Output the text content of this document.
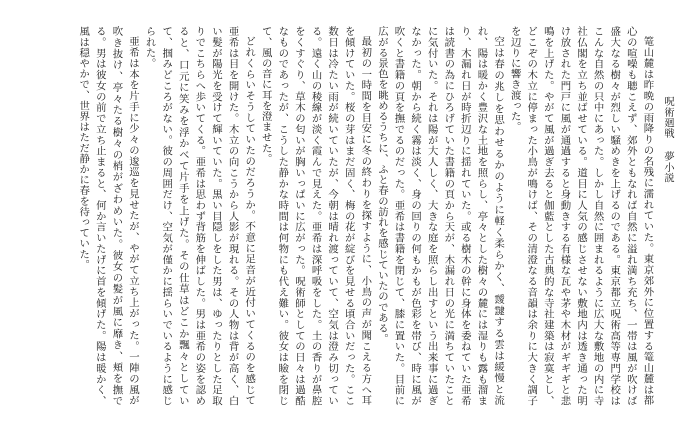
呪術廻戦夢小説

篭山麓は昨晩の雨降りの名残に濡れていた。東京郊外に位置する篭山麓は都心の喧噪も聴こえず、郊外ともなれば自然に溢れ満ち充ち、一帯は風が吹けば盛大なる樹々が烈しい騒めきを上げるのである。東京都立呪術高等専門学校はこんな自然の只中にあった。しかし自然に囲まれるように広大な敷地の内に寺社仏閣を立ち並ばせている。道目に人気の感じさせない敷地内は透き通った明け放された門戸に風が通過すると身動きする有様な瓦や茅や木材がギギギと悲鳴を上げた。やがて風が過ぎ去ると伽藍とした古典的な寺社建築は寂寞とし、どこぞの木立に停まった小鳥が鳴けば、その清澄なる音韻は余りに大きく調子を辺りに響き渡った。

空は春の兆しを思わせるかのように軽く柔らかく、靉靆する雲は緩慢と流れ、陽は暖かく豊沢な土地を照らし、亭々とした樹々の麓には湿りも露も溜まり、木漏れ日が時折辺りに揺れていた。或る樹木の幹に身体を委ねていた亜希は読書の為にひろげていた書籍の頁から天が、木漏れ日の光に満ちていたことに気付いた。それは陽が大人しく、大きな庭を照らし出すという出来事に過ぎなかった。朝から続く霧は淡く、身の回りの何もかもが色彩を帯び、時に風が吹くと書籍の頁を撫でるのだった。亜希は書籍を閉じて、膝に置いた。目前に広がる景色を眺めるうちに、ふと春の訪れを感じていたのである。

最初の一時間を目安に冬の終わりを探すように、小鳥の声が聞こえる方へ耳を傾けていた。桜の芽はまだ固く、梅の花が綻びを見せる頃合いだった。ここ数日は冷たい雨が続いていたが、今朝は晴れ渡っていて、空気は澄み切っている。遠く山の稜線が淡く霞んで見えた。亜希は深呼吸をした。土の香りが鼻腔をくすぐり、草木の匂いが胸いっぱいに広がった。呪術師としての日々は過酷なものであったが、こうした静かな時間は何物にも代え難い。彼女は瞼を閉じて、風の音に耳を澄ませた。

どれくらいそうしていたのだろうか。不意に足音が近付いてくるのを感じて亜希は目を開けた。木立の向こうから人影が現れる。その人物は背が高く、白い髪が陽光を受けて輝いていた。黒い目隠しをした男は、ゆったりとした足取りでこちらへ歩いてくる。亜希は思わず背筋を伸ばした。男は亜希の姿を認めると、口元に笑みを浮かべて片手を上げた。その仕草はどこか飄々としていて、掴みどころがない。彼の周囲だけ、空気が僅かに揺らいでいるように感じられた。

亜希は本を片手に少々の逡巡を見せたが、やがて立ち上がった。一陣の風が吹き抜け、亭々たる樹々の梢がざわめいた。彼女の髪が風に靡き、頬を撫でる。男は彼女の前で立ち止まると、何か言いたげに首を傾げた。陽は暖かく、風は穏やかで、世界はただ静かに春を待っていた。
